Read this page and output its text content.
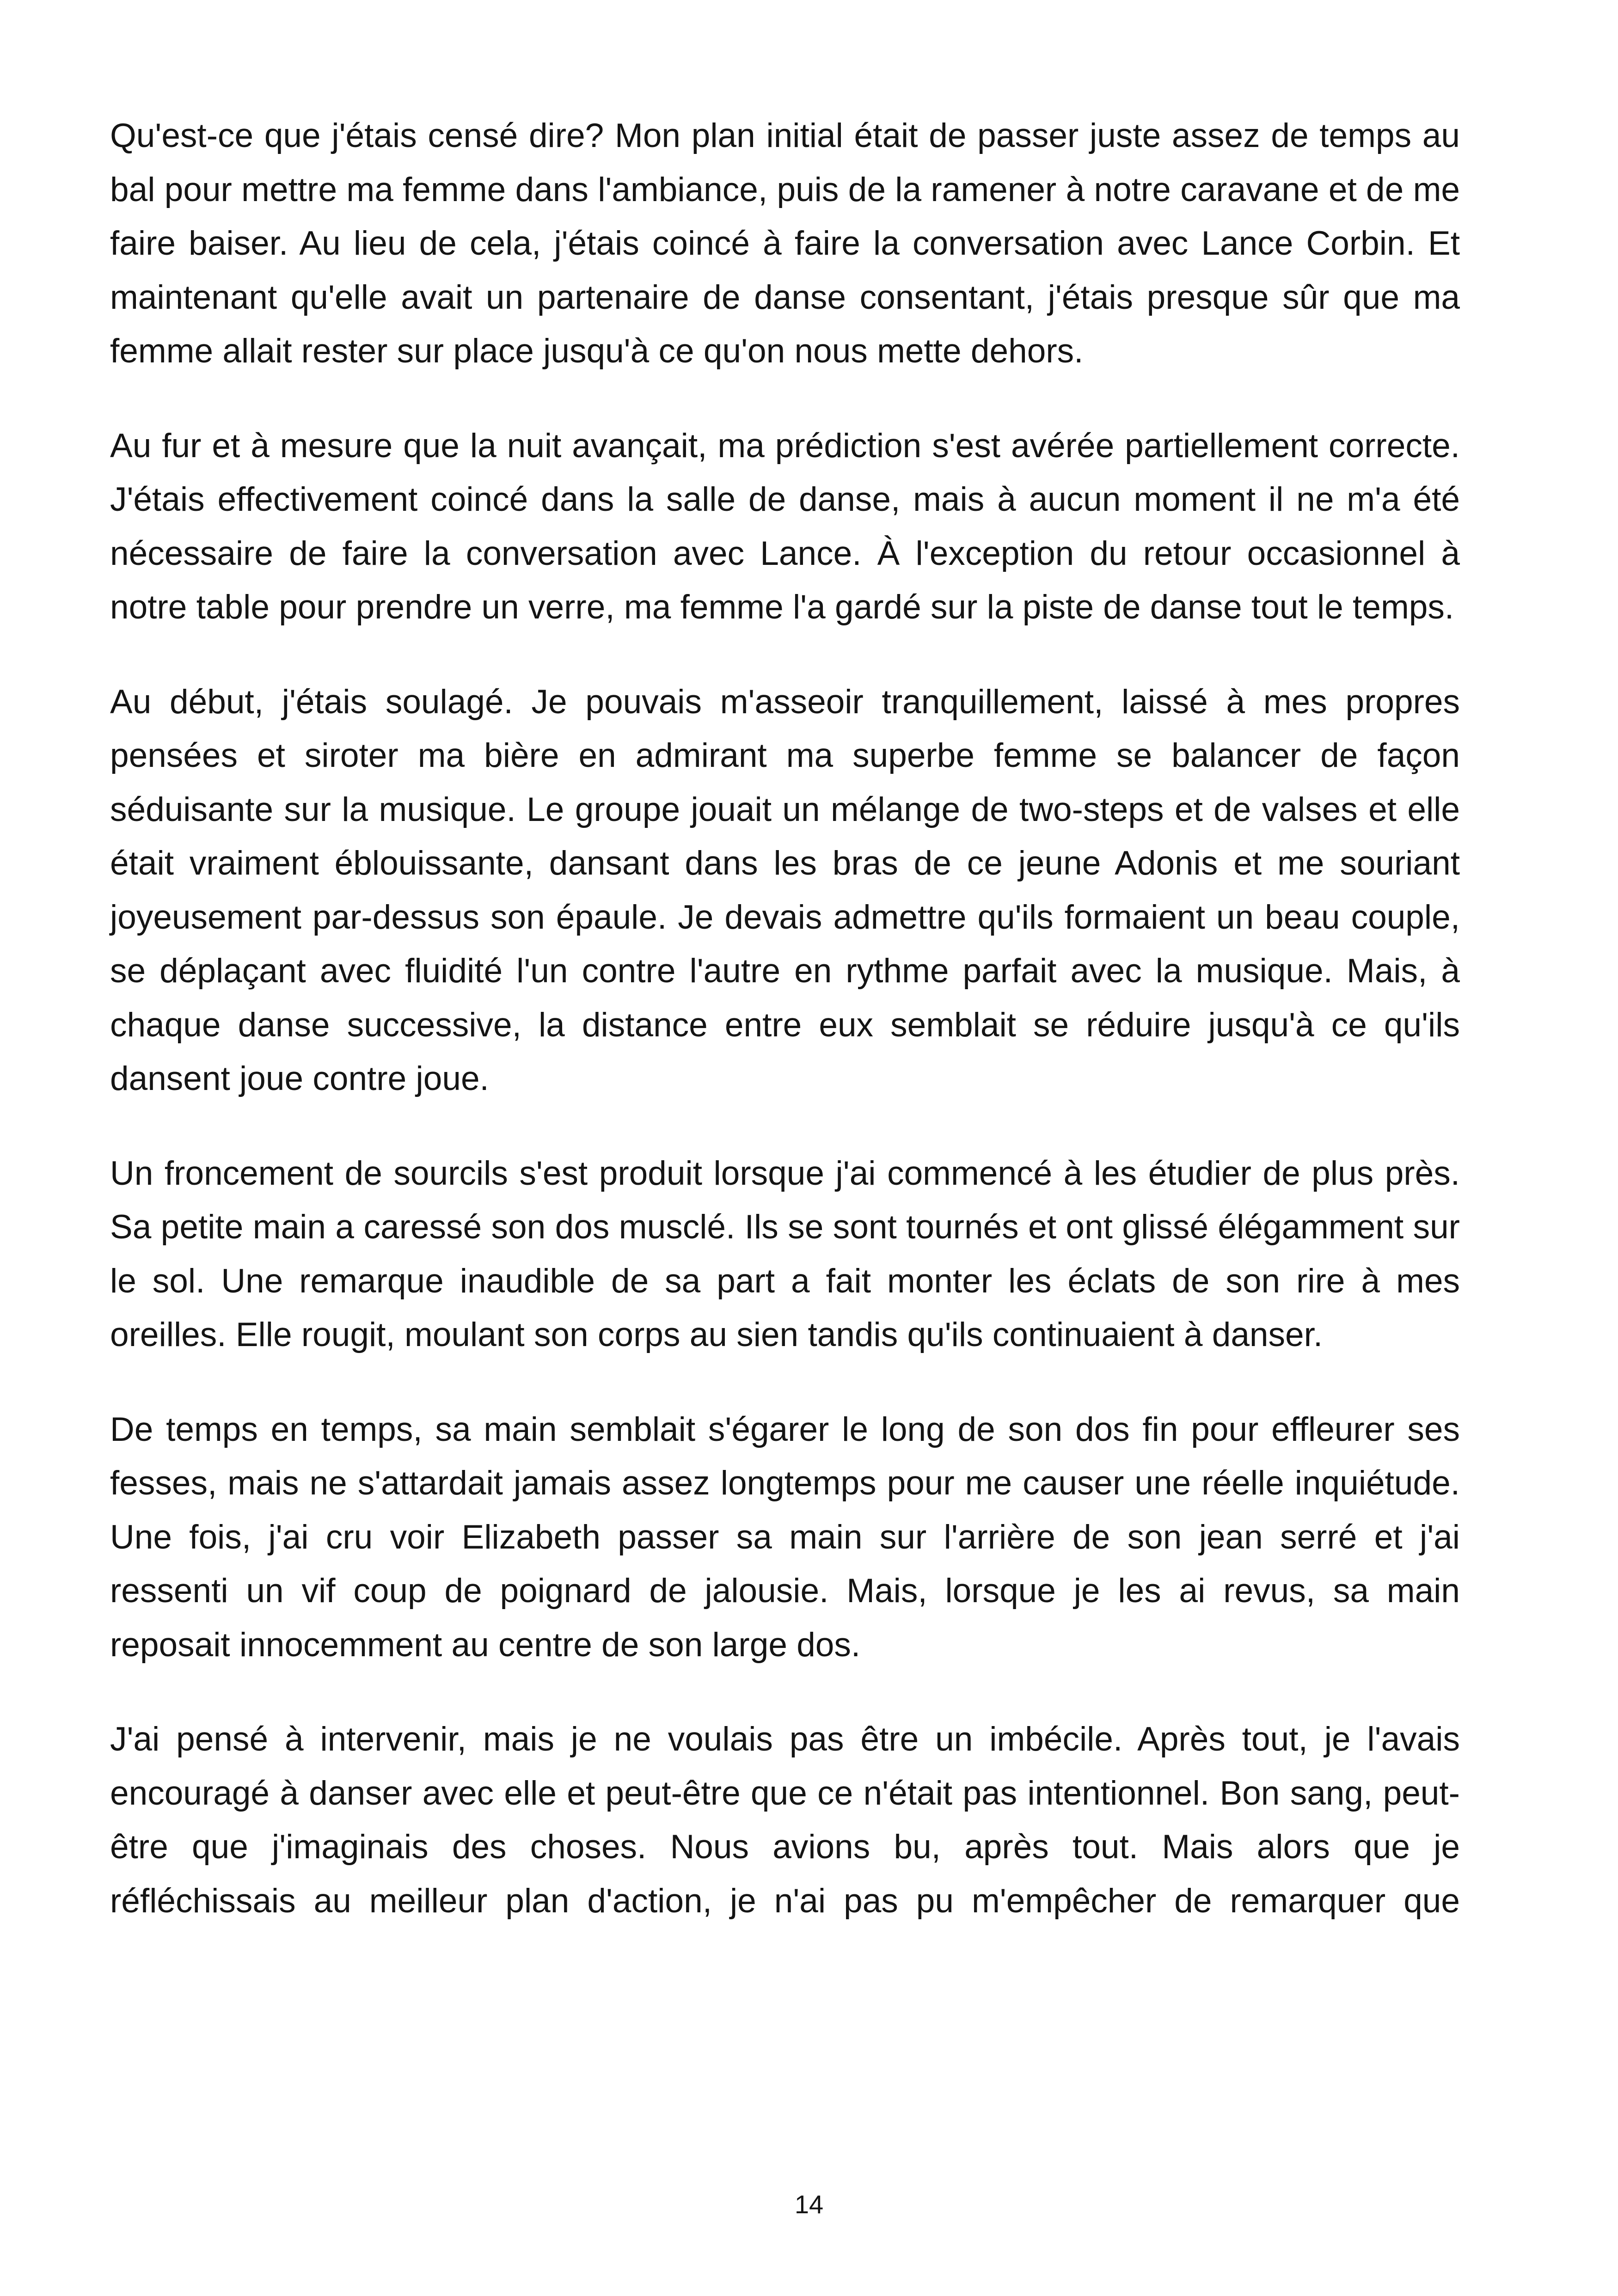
Qu'est-ce que j'étais censé dire? Mon plan initial était de passer juste assez de temps au bal pour mettre ma femme dans l'ambiance, puis de la ramener à notre caravane et de me faire baiser. Au lieu de cela, j'étais coincé à faire la conversation avec Lance Corbin. Et maintenant qu'elle avait un partenaire de danse consentant, j'étais presque sûr que ma femme allait rester sur place jusqu'à ce qu'on nous mette dehors.

Au fur et à mesure que la nuit avançait, ma prédiction s'est avérée partiellement correcte. J'étais effectivement coincé dans la salle de danse, mais à aucun moment il ne m'a été nécessaire de faire la conversation avec Lance. À l'exception du retour occasionnel à notre table pour prendre un verre, ma femme l'a gardé sur la piste de danse tout le temps.

Au début, j'étais soulagé. Je pouvais m'asseoir tranquillement, laissé à mes propres pensées et siroter ma bière en admirant ma superbe femme se balancer de façon séduisante sur la musique. Le groupe jouait un mélange de two-steps et de valses et elle était vraiment éblouissante, dansant dans les bras de ce jeune Adonis et me souriant joyeusement par-dessus son épaule. Je devais admettre qu'ils formaient un beau couple, se déplaçant avec fluidité l'un contre l'autre en rythme parfait avec la musique. Mais, à chaque danse successive, la distance entre eux semblait se réduire jusqu'à ce qu'ils dansent joue contre joue.

Un froncement de sourcils s'est produit lorsque j'ai commencé à les étudier de plus près. Sa petite main a caressé son dos musclé. Ils se sont tournés et ont glissé élégamment sur le sol. Une remarque inaudible de sa part a fait monter les éclats de son rire à mes oreilles. Elle rougit, moulant son corps au sien tandis qu'ils continuaient à danser.

De temps en temps, sa main semblait s'égarer le long de son dos fin pour effleurer ses fesses, mais ne s'attardait jamais assez longtemps pour me causer une réelle inquiétude. Une fois, j'ai cru voir Elizabeth passer sa main sur l'arrière de son jean serré et j'ai ressenti un vif coup de poignard de jalousie. Mais, lorsque je les ai revus, sa main reposait innocemment au centre de son large dos.

J'ai pensé à intervenir, mais je ne voulais pas être un imbécile. Après tout, je l'avais encouragé à danser avec elle et peut-être que ce n'était pas intentionnel. Bon sang, peut-être que j'imaginais des choses. Nous avions bu, après tout. Mais alors que je réfléchissais au meilleur plan d'action, je n'ai pas pu m'empêcher de remarquer que

14
